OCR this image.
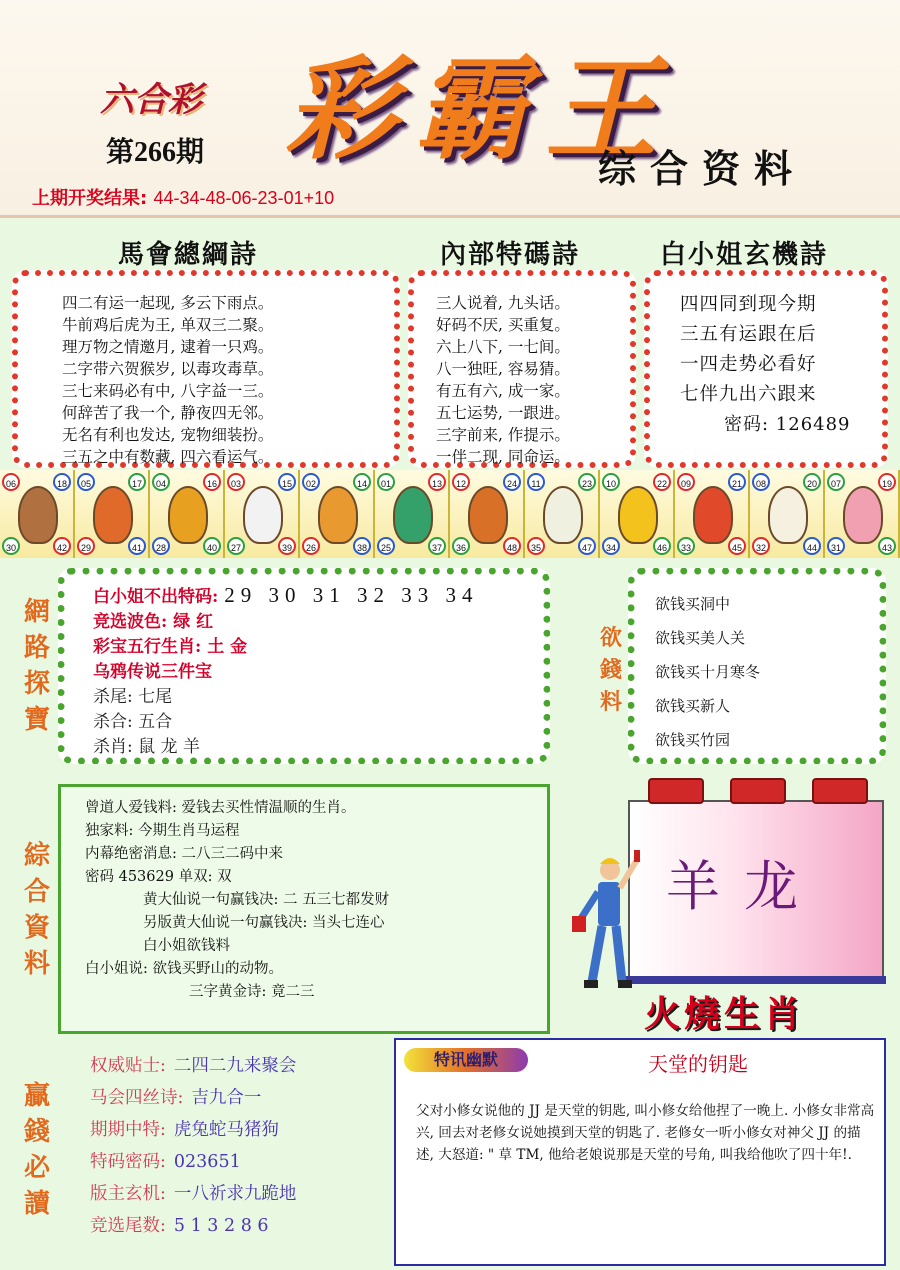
六合彩 彩霸王
第266期	综合资料
上期开奖结果: 44-34-48-06-23-01+10
馬會總綱詩	內部特碼詩	白小姐玄機詩
四二有运一起现, 多云下雨点。
牛前鸡后虎为王, 单双三二聚。
理万物之情邀月, 逮着一只鸡。
二字带六贺猴岁, 以毒攻毒草。
三七来码必有中, 八字益一三。
何辞苦了我一个, 静夜四无邻。
无名有利也发达, 宠物细装扮。
三五之中有数藏, 四六看运气。
三人说着, 九头话。
好码不厌, 买重复。
六上八下, 一七间。
八一独旺, 容易猜。
有五有六, 成一家。
五七运势, 一跟进。
三字前来, 作提示。
一伴二现, 同命运。
四四同到现今期
三五有运跟在后
一四走势必看好
七伴九出六跟来
密码: 126489
06	18
30	42
05	17
29	41
04	16
28	40
03	15
27	39
02	14
26	38
01	13
25	37
12	24
36	48
11	23
35	47
10	22
34	46
09	21
33	45
08	20
32	44
07	19
31	43
網路探寶
綜合資料
贏錢必讀
欲錢料
白小姐不出特码: 29 30 31 32 33 34
竞选波色: 绿 红
彩宝五行生肖: 土 金
乌鸦传说三件宝
杀尾: 七尾
杀合: 五合
杀肖: 鼠 龙 羊
欲钱买洞中
欲钱买美人关
欲钱买十月寒冬
欲钱买新人
欲钱买竹园
曾道人爱钱料: 爱钱去买性情温顺的生肖。
独家料: 今期生肖马运程
内幕绝密消息: 二八三二码中来
密码 453629 单双: 双
黄大仙说一句赢钱决: 二 五三七都发财
另版黄大仙说一句赢钱决: 当头七连心
白小姐欲钱料
白小姐说: 欲钱买野山的动物。
三字黄金诗: 竟二三
羊龙
火燒生肖
权威贴士: 二四二九来聚会
马会四丝诗: 吉九合一
期期中特: 虎兔蛇马猪狗
特码密码: 023651
版主玄机: 一八祈求九跪地
竞选尾数: 5 1 3 2 8 6
特讯幽默	天堂的钥匙
父对小修女说他的 JJ 是天堂的钥匙, 叫小修女给他捏了一晚上. 小修女非常高兴, 回去对老修女说她摸到天堂的钥匙了. 老修女一听小修女对神父 JJ 的描述, 大怒道: " 草 TM, 他给老娘说那是天堂的号角, 叫我给他吹了四十年!.
